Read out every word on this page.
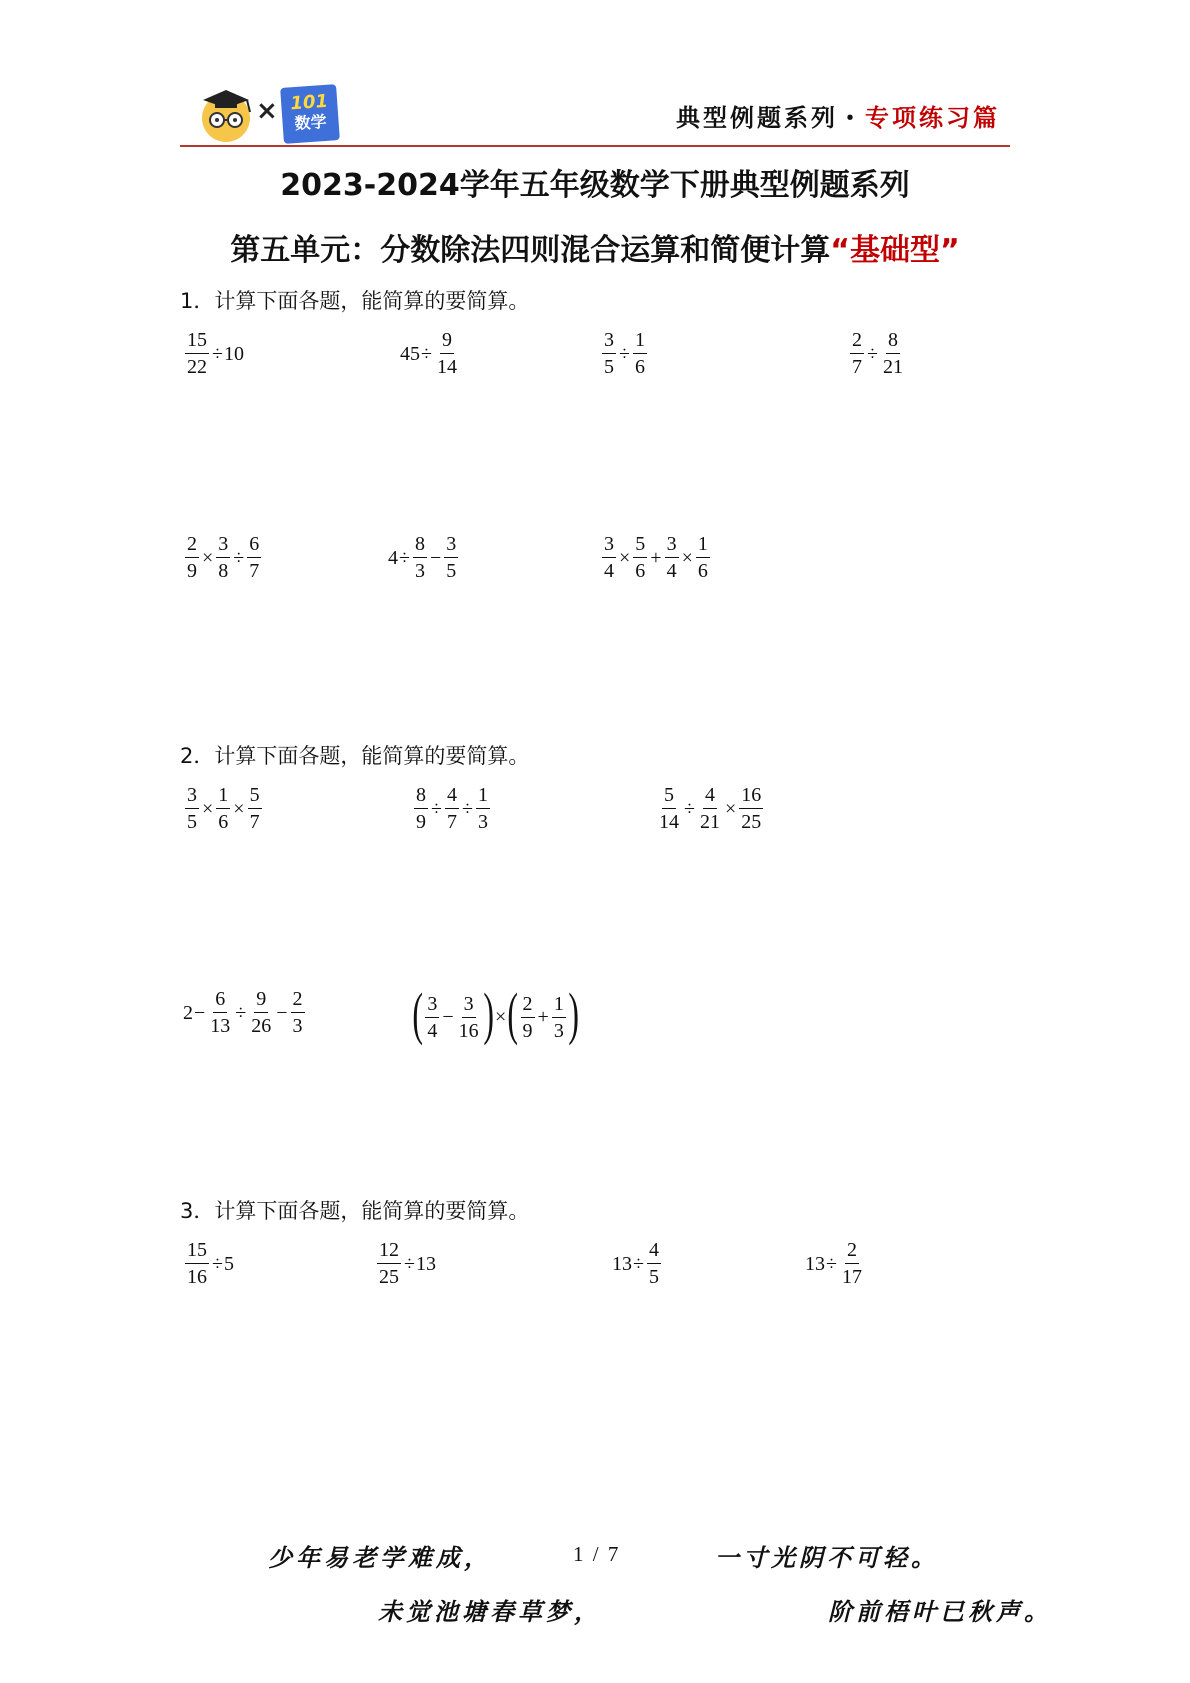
× 101
数学	典型例题系列・专项练习篇
2023-2024学年五年级数学下册典型例题系列
第五单元：分数除法四则混合运算和简便计算“基础型”
1．计算下面各题，能简算的要简算。
$\frac{15}{22} \div 10$	$45 \div \frac{9}{14}$	$\frac{3}{5} \div \frac{1}{6}$	$\frac{2}{7} \div \frac{8}{21}$
$\frac{2}{9} \times \frac{3}{8} \div \frac{6}{7}$	$4 \div \frac{8}{3} - \frac{3}{5}$	$\frac{3}{4} \times \frac{5}{6} + \frac{3}{4} \times \frac{1}{6}$
2．计算下面各题，能简算的要简算。
$\frac{3}{5} \times \frac{1}{6} \times \frac{5}{7}$	$\frac{8}{9} \div \frac{4}{7} \div \frac{1}{3}$	$\frac{5}{14} \div \frac{4}{21} \times \frac{16}{25}$
$2 - \frac{6}{13} \div \frac{9}{26} - \frac{2}{3}$ ( $\frac{3}{4} - \frac{3}{16}$ ) × ( $\frac{2}{9} + \frac{1}{3}$ )
3．计算下面各题，能简算的要简算。
$\frac{15}{16} \div 5$	$\frac{12}{25} \div 13$	$13 \div \frac{4}{5}$	$13 \div \frac{2}{17}$
少年易老学难成，	1 / 7	一寸光阴不可轻。
未觉池塘春草梦，	阶前梧叶已秋声。
